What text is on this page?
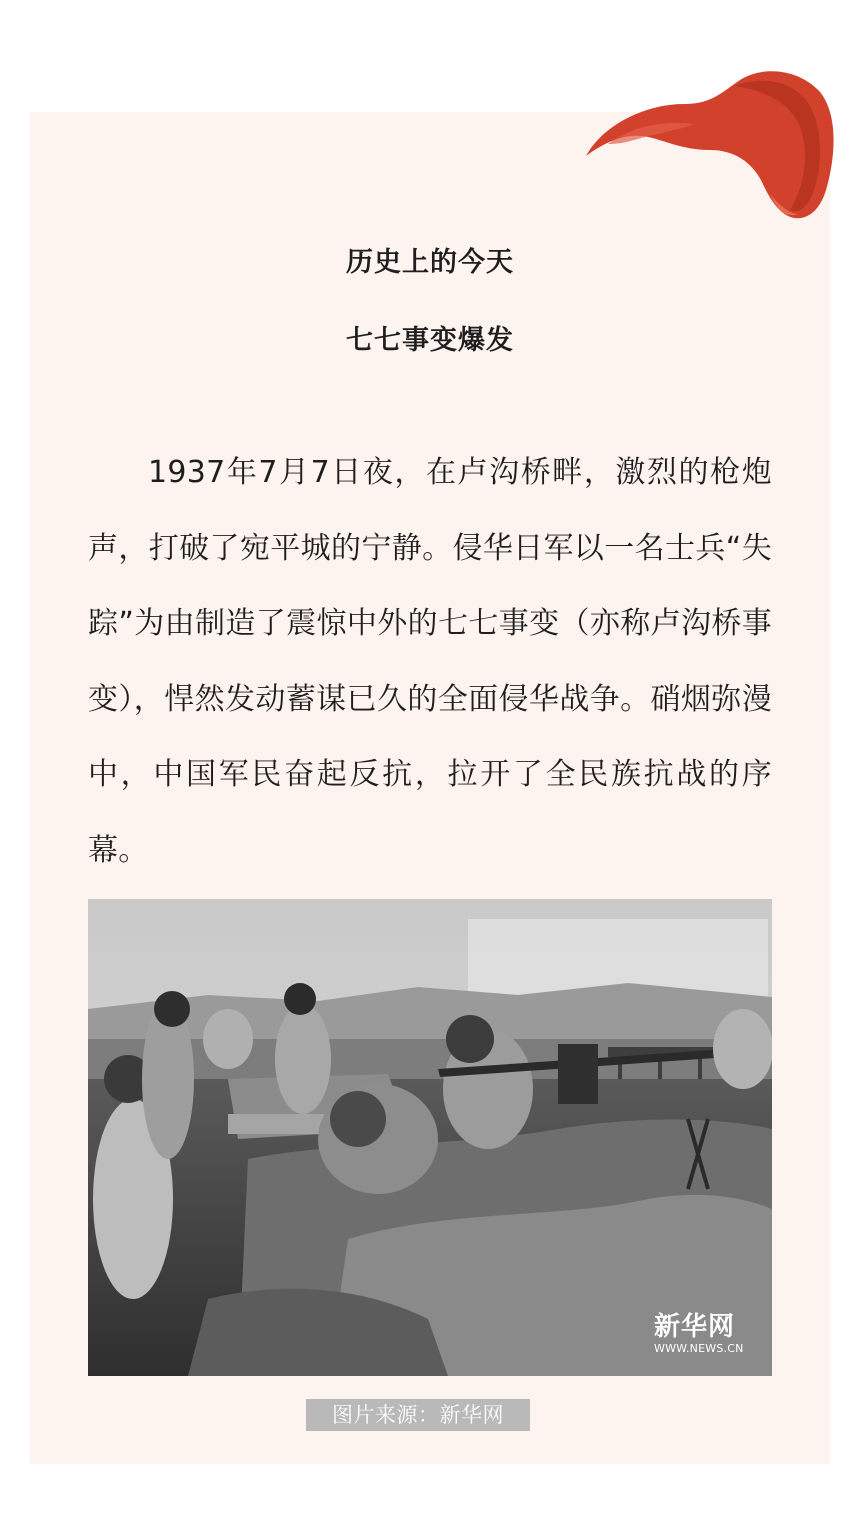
历史上的今天
七七事变爆发
1937年7月7日夜，在卢沟桥畔，激烈的枪炮声，打破了宛平城的宁静。侵华日军以一名士兵“失踪”为由制造了震惊中外的七七事变（亦称卢沟桥事变），悍然发动蓄谋已久的全面侵华战争。硝烟弥漫中，中国军民奋起反抗，拉开了全民族抗战的序幕。
新华网
WWW.NEWS.CN
图片来源：新华网
